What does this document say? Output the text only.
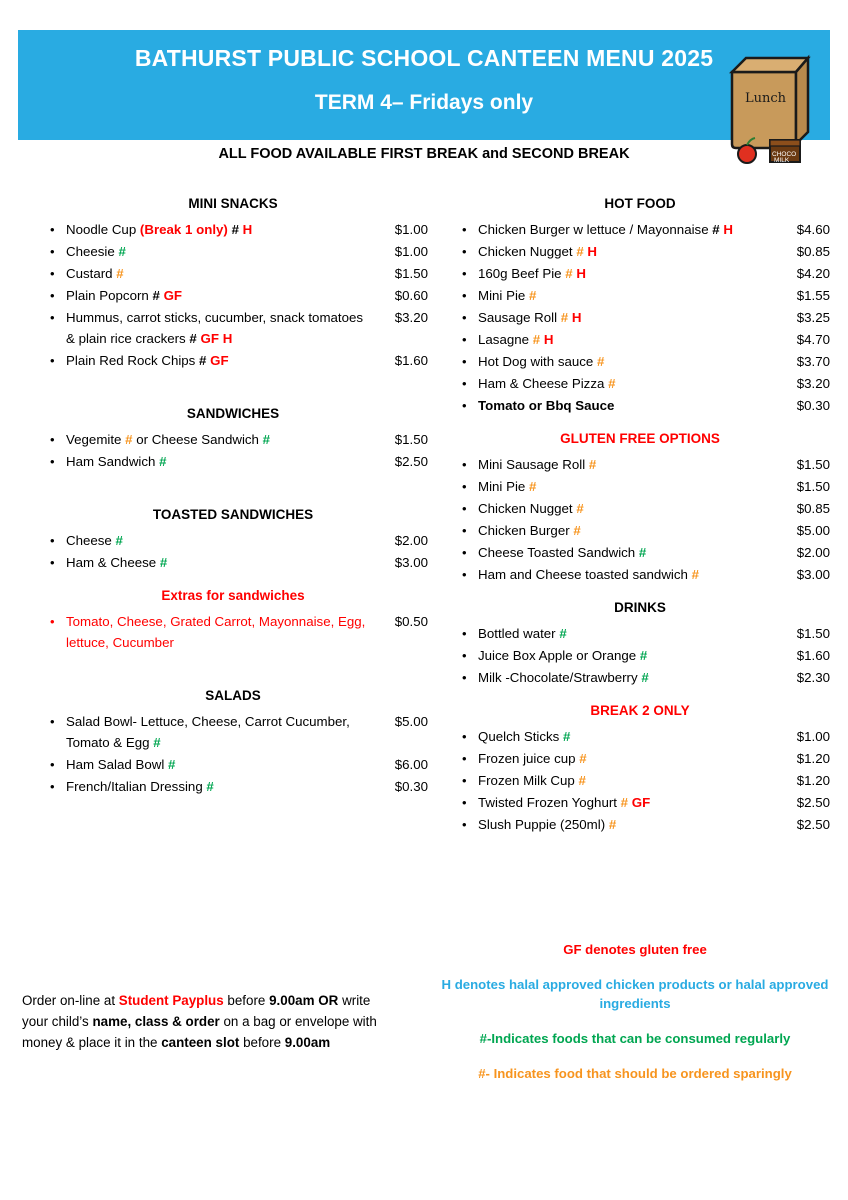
BATHURST PUBLIC SCHOOL CANTEEN MENU 2025
TERM 4– Fridays only	Lunch
CHOCO
MILK
ALL FOOD AVAILABLE FIRST BREAK and SECOND BREAK
MINI SNACKS
• Noodle Cup (Break 1 only) # H	$1.00
• Cheesie #	$1.00
• Custard #	$1.50
• Plain Popcorn # GF	$0.60
• Hummus, carrot sticks, cucumber, snack tomatoes & plain rice crackers # GF H
$3.20
• Plain Red Rock Chips # GF	$1.60
SANDWICHES
• Vegemite # or Cheese Sandwich #	$1.50
• Ham Sandwich #	$2.50
TOASTED SANDWICHES
• Cheese #	$2.00
• Ham & Cheese #	$3.00
Extras for sandwiches
• Tomato, Cheese, Grated Carrot, Mayonnaise, Egg, lettuce, Cucumber
$0.50
SALADS
• Salad Bowl- Lettuce, Cheese, Carrot Cucumber, Tomato & Egg #
$5.00
• Ham Salad Bowl #	$6.00
• French/Italian Dressing #	$0.30
HOT FOOD
• Chicken Burger w lettuce / Mayonnaise # H	$4.60
• Chicken Nugget # H	$0.85
• 160g Beef Pie # H	$4.20
• Mini Pie #	$1.55
• Sausage Roll # H	$3.25
• Lasagne # H	$4.70
• Hot Dog with sauce #	$3.70
• Ham & Cheese Pizza #	$3.20
• Tomato or Bbq Sauce	$0.30
GLUTEN FREE OPTIONS
• Mini Sausage Roll #	$1.50
• Mini Pie #	$1.50
• Chicken Nugget #	$0.85
• Chicken Burger #	$5.00
• Cheese Toasted Sandwich #	$2.00
• Ham and Cheese toasted sandwich #	$3.00
DRINKS
• Bottled water #	$1.50
• Juice Box Apple or Orange #	$1.60
• Milk -Chocolate/Strawberry #	$2.30
BREAK 2 ONLY
• Quelch Sticks #	$1.00
• Frozen juice cup #	$1.20
• Frozen Milk Cup #	$1.20
• Twisted Frozen Yoghurt # GF	$2.50
• Slush Puppie (250ml) #	$2.50
Order on-line at Student Payplus before 9.00am OR write your child’s name, class & order on a bag or envelope with money & place it in the canteen slot before 9.00am
GF denotes gluten free
H denotes halal approved chicken products or halal approved ingredients
#-Indicates foods that can be consumed regularly
#- Indicates food that should be ordered sparingly
